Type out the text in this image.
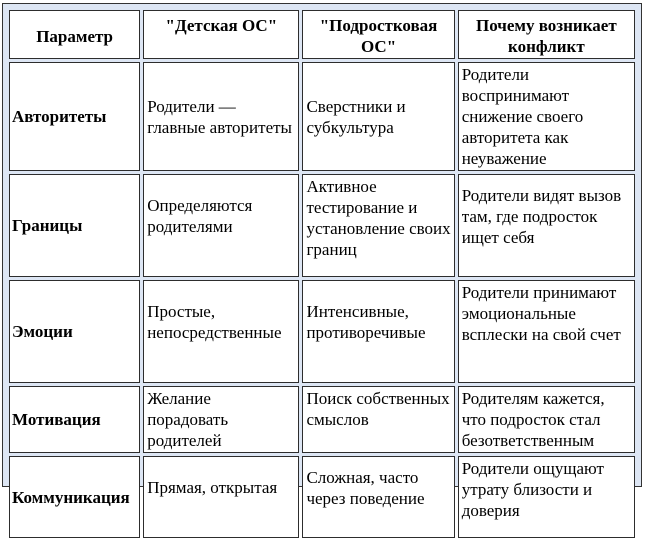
Параметр	"Детская ОС"	"Подростковая ОС"	Почему возникает конфликт
Авторитеты	Родители — главные авторитеты	Сверстники и субкультура	Родители воспринимают снижение своего авторитета как неуважение
Границы	Определяются родителями	Активное тестирование и установление своих границ	Родители видят вызов там, где подросток ищет себя
Эмоции	Простые, непосредственные	Интенсивные, противоречивые	Родители принимают эмоциональные всплески на свой счет
Мотивация	Желание порадовать родителей	Поиск собственных смыслов	Родителям кажется, что подросток стал безответственным
Коммуникация	Прямая, открытая	Сложная, часто через поведение	Родители ощущают утрату близости и доверия
